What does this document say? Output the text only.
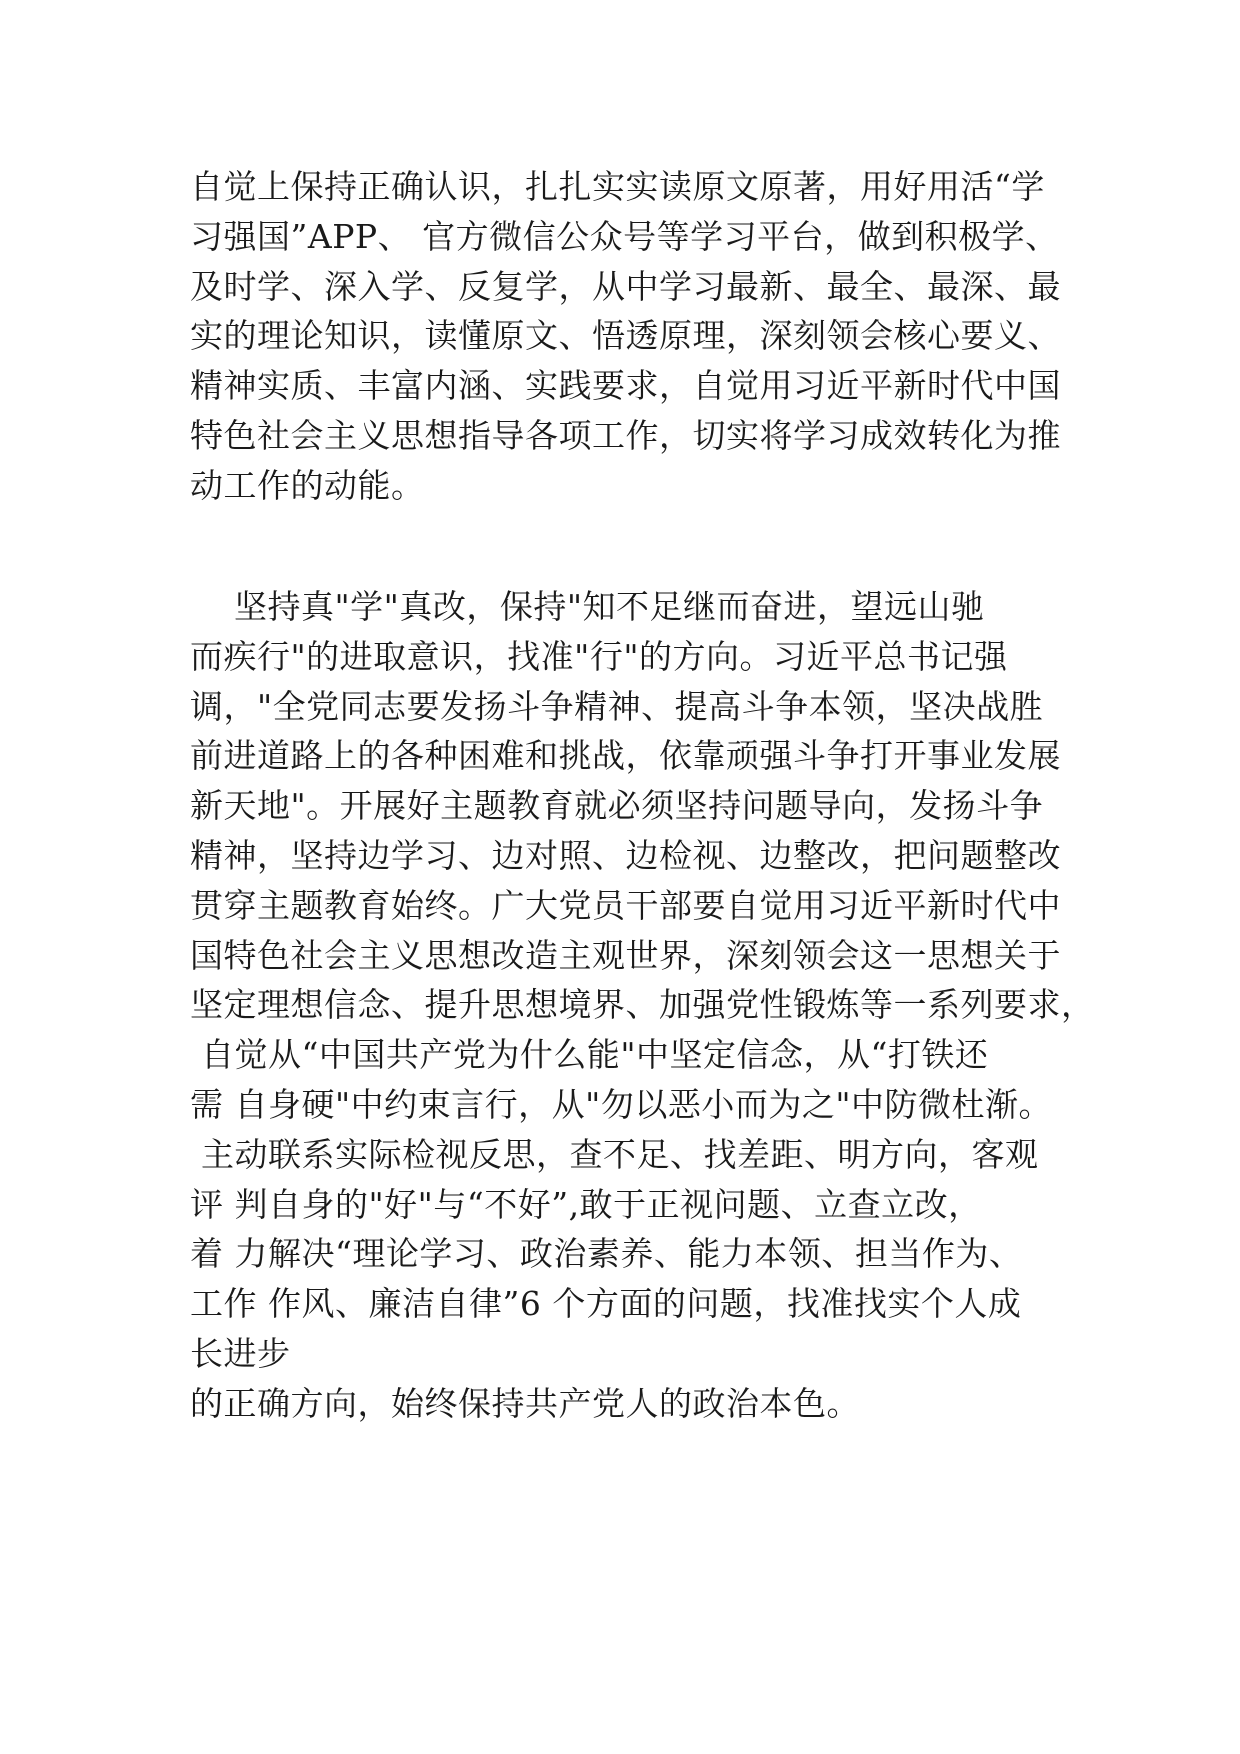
自觉上保持正确认识，扎扎实实读原文原著，用好用活“学
习强国”APP、 官方微信公众号等学习平台，做到积极学、
及时学、深入学、反复学，从中学习最新、最全、最深、最
实的理论知识，读懂原文、悟透原理，深刻领会核心要义、
精神实质、丰富内涵、实践要求，自觉用习近平新时代中国
特色社会主义思想指导各项工作，切实将学习成效转化为推
动工作的动能。
坚持真"学"真改，保持"知不足继而奋进，望远山驰
而疾行"的进取意识，找准"行"的方向。习近平总书记强
调，"全党同志要发扬斗争精神、提高斗争本领，坚决战胜
前进道路上的各种困难和挑战，依靠顽强斗争打开事业发展
新天地"。开展好主题教育就必须坚持问题导向，发扬斗争
精神，坚持边学习、边对照、边检视、边整改，把问题整改
贯穿主题教育始终。广大党员干部要自觉用习近平新时代中
国特色社会主义思想改造主观世界，深刻领会这一思想关于
坚定理想信念、提升思想境界、加强党性锻炼等一系列要求，
自觉从“中国共产党为什么能"中坚定信念，从“打铁还
需 自身硬"中约束言行，从"勿以恶小而为之"中防微杜渐。
主动联系实际检视反思，查不足、找差距、明方向，客观
评 判自身的"好"与“不好”,敢于正视问题、立查立改，
着 力解决“理论学习、政治素养、能力本领、担当作为、
工作 作风、廉洁自律”6 个方面的问题，找准找实个人成
长进步
的正确方向，始终保持共产党人的政治本色。
